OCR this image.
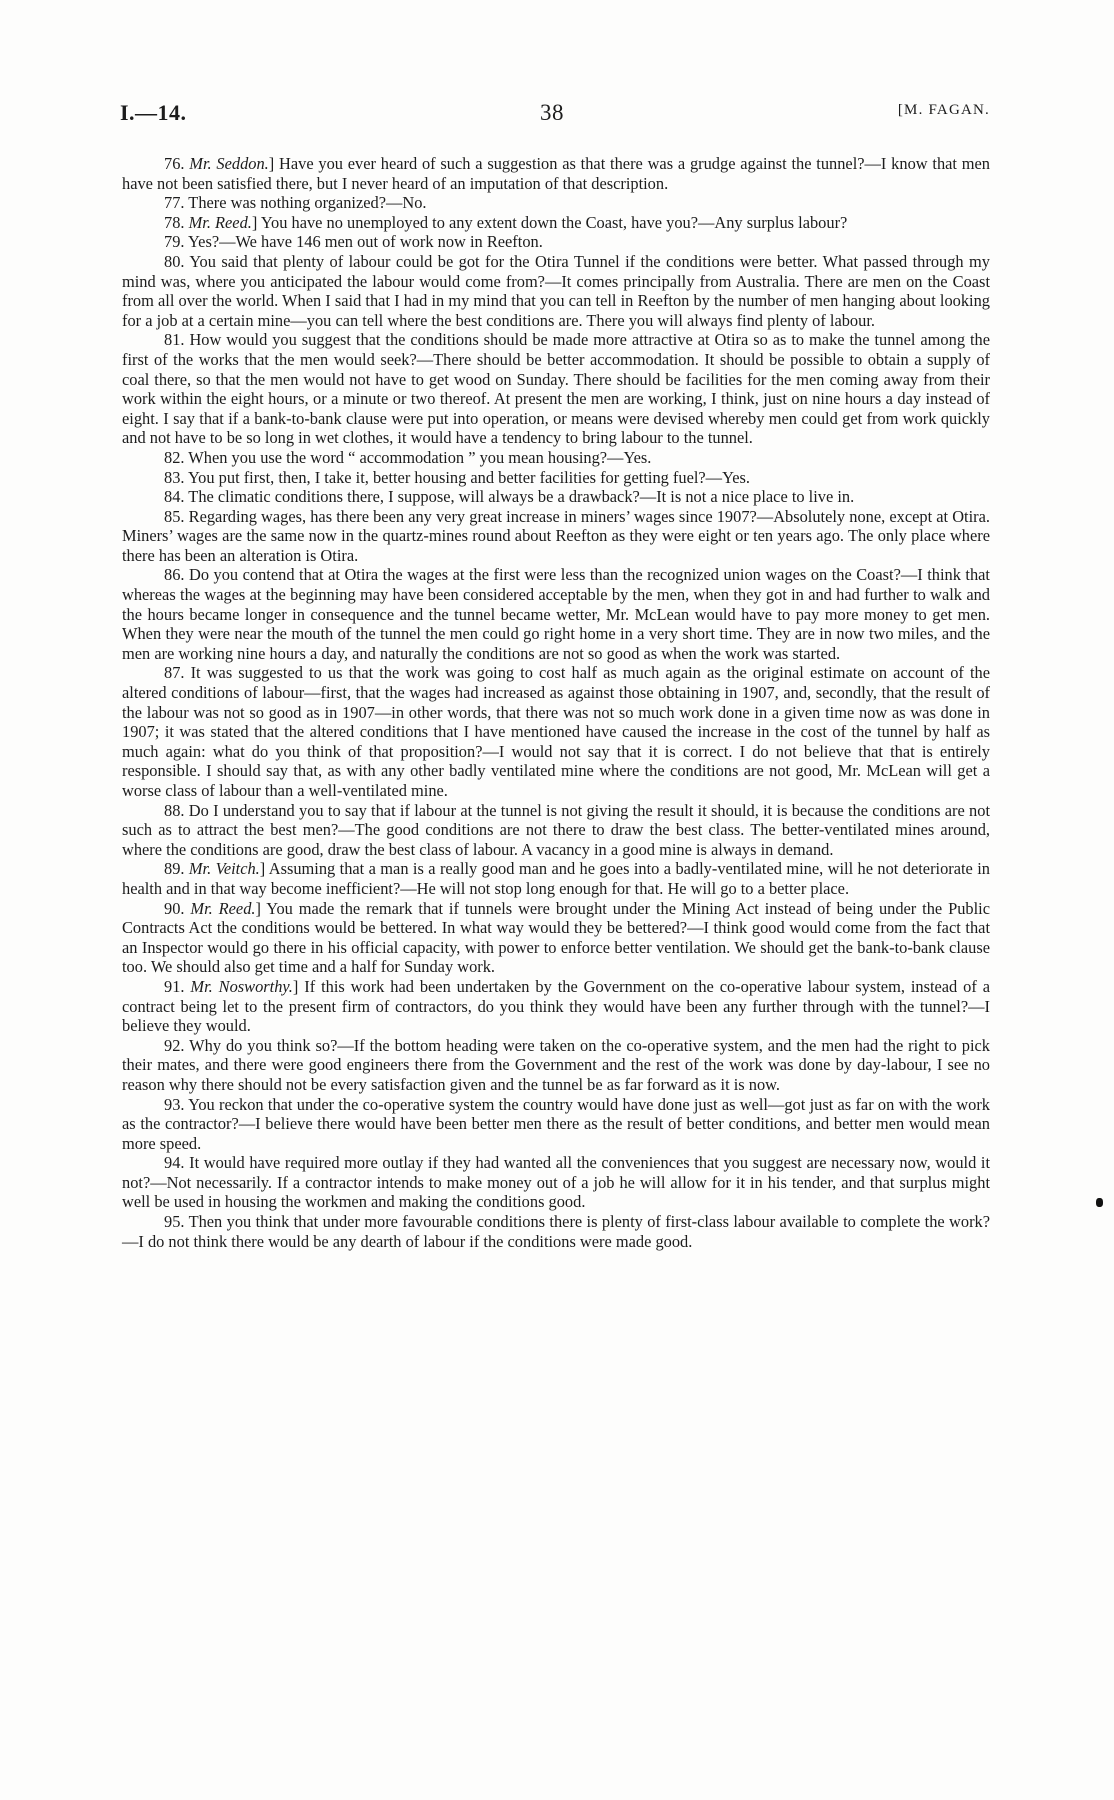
I.—14.	38	[M. FAGAN.

76. Mr. Seddon.] Have you ever heard of such a suggestion as that there was a grudge against the tunnel?—I know that men have not been satisfied there, but I never heard of an imputation of that description.

77. There was nothing organized?—No.

78. Mr. Reed.] You have no unemployed to any extent down the Coast, have you?—Any surplus labour?

79. Yes?—We have 146 men out of work now in Reefton.

80. You said that plenty of labour could be got for the Otira Tunnel if the conditions were better. What passed through my mind was, where you anticipated the labour would come from?—It comes principally from Australia. There are men on the Coast from all over the world. When I said that I had in my mind that you can tell in Reefton by the number of men hanging about looking for a job at a certain mine—you can tell where the best conditions are. There you will always find plenty of labour.

81. How would you suggest that the conditions should be made more attractive at Otira so as to make the tunnel among the first of the works that the men would seek?—There should be better accommodation. It should be possible to obtain a supply of coal there, so that the men would not have to get wood on Sunday. There should be facilities for the men coming away from their work within the eight hours, or a minute or two thereof. At present the men are working, I think, just on nine hours a day instead of eight. I say that if a bank-to-bank clause were put into operation, or means were devised whereby men could get from work quickly and not have to be so long in wet clothes, it would have a tendency to bring labour to the tunnel.

82. When you use the word “ accommodation ” you mean housing?—Yes.

83. You put first, then, I take it, better housing and better facilities for getting fuel?—Yes.

84. The climatic conditions there, I suppose, will always be a drawback?—It is not a nice place to live in.

85. Regarding wages, has there been any very great increase in miners’ wages since 1907?—Absolutely none, except at Otira. Miners’ wages are the same now in the quartz-mines round about Reefton as they were eight or ten years ago. The only place where there has been an alteration is Otira.

86. Do you contend that at Otira the wages at the first were less than the recognized union wages on the Coast?—I think that whereas the wages at the beginning may have been considered acceptable by the men, when they got in and had further to walk and the hours became longer in consequence and the tunnel became wetter, Mr. McLean would have to pay more money to get men. When they were near the mouth of the tunnel the men could go right home in a very short time. They are in now two miles, and the men are working nine hours a day, and naturally the conditions are not so good as when the work was started.

87. It was suggested to us that the work was going to cost half as much again as the original estimate on account of the altered conditions of labour—first, that the wages had increased as against those obtaining in 1907, and, secondly, that the result of the labour was not so good as in 1907—in other words, that there was not so much work done in a given time now as was done in 1907; it was stated that the altered conditions that I have mentioned have caused the increase in the cost of the tunnel by half as much again: what do you think of that proposition?—I would not say that it is correct. I do not believe that that is entirely responsible. I should say that, as with any other badly ventilated mine where the conditions are not good, Mr. McLean will get a worse class of labour than a well-ventilated mine.

88. Do I understand you to say that if labour at the tunnel is not giving the result it should, it is because the conditions are not such as to attract the best men?—The good conditions are not there to draw the best class. The better-ventilated mines around, where the conditions are good, draw the best class of labour. A vacancy in a good mine is always in demand.

89. Mr. Veitch.] Assuming that a man is a really good man and he goes into a badly-ventilated mine, will he not deteriorate in health and in that way become inefficient?—He will not stop long enough for that. He will go to a better place.

90. Mr. Reed.] You made the remark that if tunnels were brought under the Mining Act instead of being under the Public Contracts Act the conditions would be bettered. In what way would they be bettered?—I think good would come from the fact that an Inspector would go there in his official capacity, with power to enforce better ventilation. We should get the bank-to-bank clause too. We should also get time and a half for Sunday work.

91. Mr. Nosworthy.] If this work had been undertaken by the Government on the co-operative labour system, instead of a contract being let to the present firm of contractors, do you think they would have been any further through with the tunnel?—I believe they would.

92. Why do you think so?—If the bottom heading were taken on the co-operative system, and the men had the right to pick their mates, and there were good engineers there from the Government and the rest of the work was done by day-labour, I see no reason why there should not be every satisfaction given and the tunnel be as far forward as it is now.

93. You reckon that under the co-operative system the country would have done just as well—got just as far on with the work as the contractor?—I believe there would have been better men there as the result of better conditions, and better men would mean more speed.

94. It would have required more outlay if they had wanted all the conveniences that you suggest are necessary now, would it not?—Not necessarily. If a contractor intends to make money out of a job he will allow for it in his tender, and that surplus might well be used in housing the workmen and making the conditions good.

95. Then you think that under more favourable conditions there is plenty of first-class labour available to complete the work?—I do not think there would be any dearth of labour if the conditions were made good.
